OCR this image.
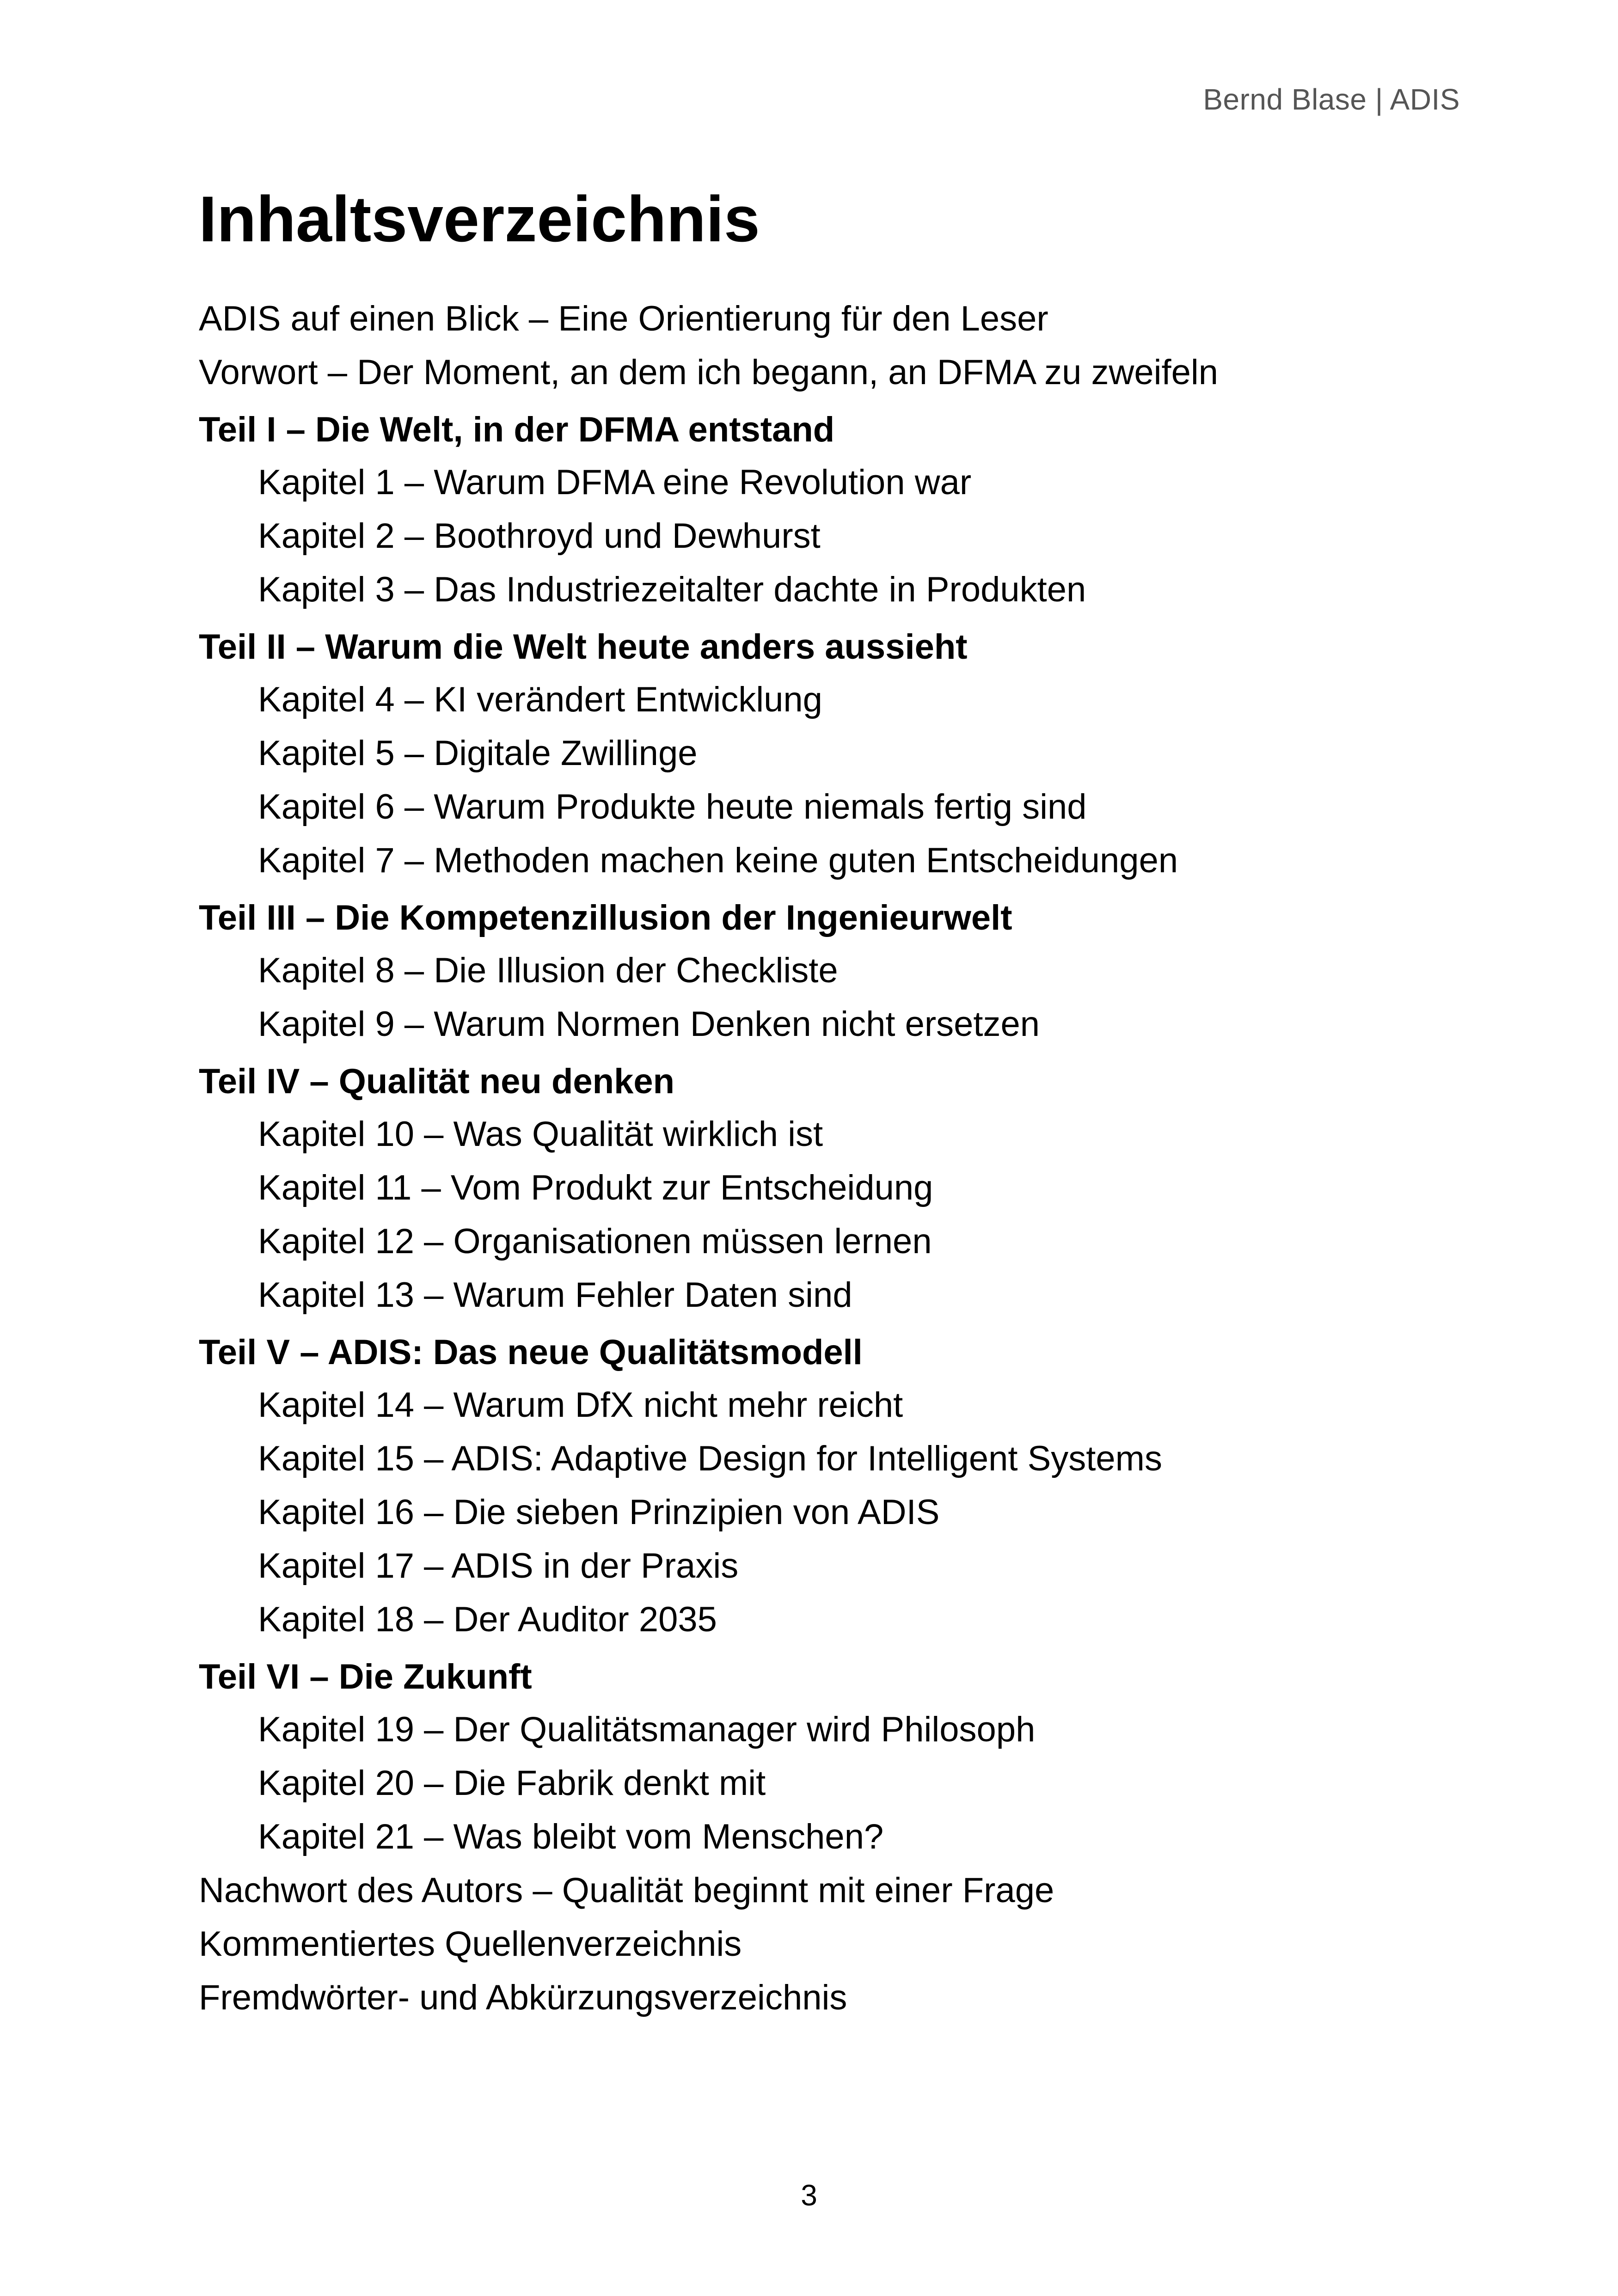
Bernd Blase | ADIS
Inhaltsverzeichnis
ADIS auf einen Blick – Eine Orientierung für den Leser
Vorwort – Der Moment, an dem ich begann, an DFMA zu zweifeln
Teil I – Die Welt, in der DFMA entstand
Kapitel 1 – Warum DFMA eine Revolution war
Kapitel 2 – Boothroyd und Dewhurst
Kapitel 3 – Das Industriezeitalter dachte in Produkten
Teil II – Warum die Welt heute anders aussieht
Kapitel 4 – KI verändert Entwicklung
Kapitel 5 – Digitale Zwillinge
Kapitel 6 – Warum Produkte heute niemals fertig sind
Kapitel 7 – Methoden machen keine guten Entscheidungen
Teil III – Die Kompetenzillusion der Ingenieurwelt
Kapitel 8 – Die Illusion der Checkliste
Kapitel 9 – Warum Normen Denken nicht ersetzen
Teil IV – Qualität neu denken
Kapitel 10 – Was Qualität wirklich ist
Kapitel 11 – Vom Produkt zur Entscheidung
Kapitel 12 – Organisationen müssen lernen
Kapitel 13 – Warum Fehler Daten sind
Teil V – ADIS: Das neue Qualitätsmodell
Kapitel 14 – Warum DfX nicht mehr reicht
Kapitel 15 – ADIS: Adaptive Design for Intelligent Systems
Kapitel 16 – Die sieben Prinzipien von ADIS
Kapitel 17 – ADIS in der Praxis
Kapitel 18 – Der Auditor 2035
Teil VI – Die Zukunft
Kapitel 19 – Der Qualitätsmanager wird Philosoph
Kapitel 20 – Die Fabrik denkt mit
Kapitel 21 – Was bleibt vom Menschen?
Nachwort des Autors – Qualität beginnt mit einer Frage
Kommentiertes Quellenverzeichnis
Fremdwörter- und Abkürzungsverzeichnis
3
